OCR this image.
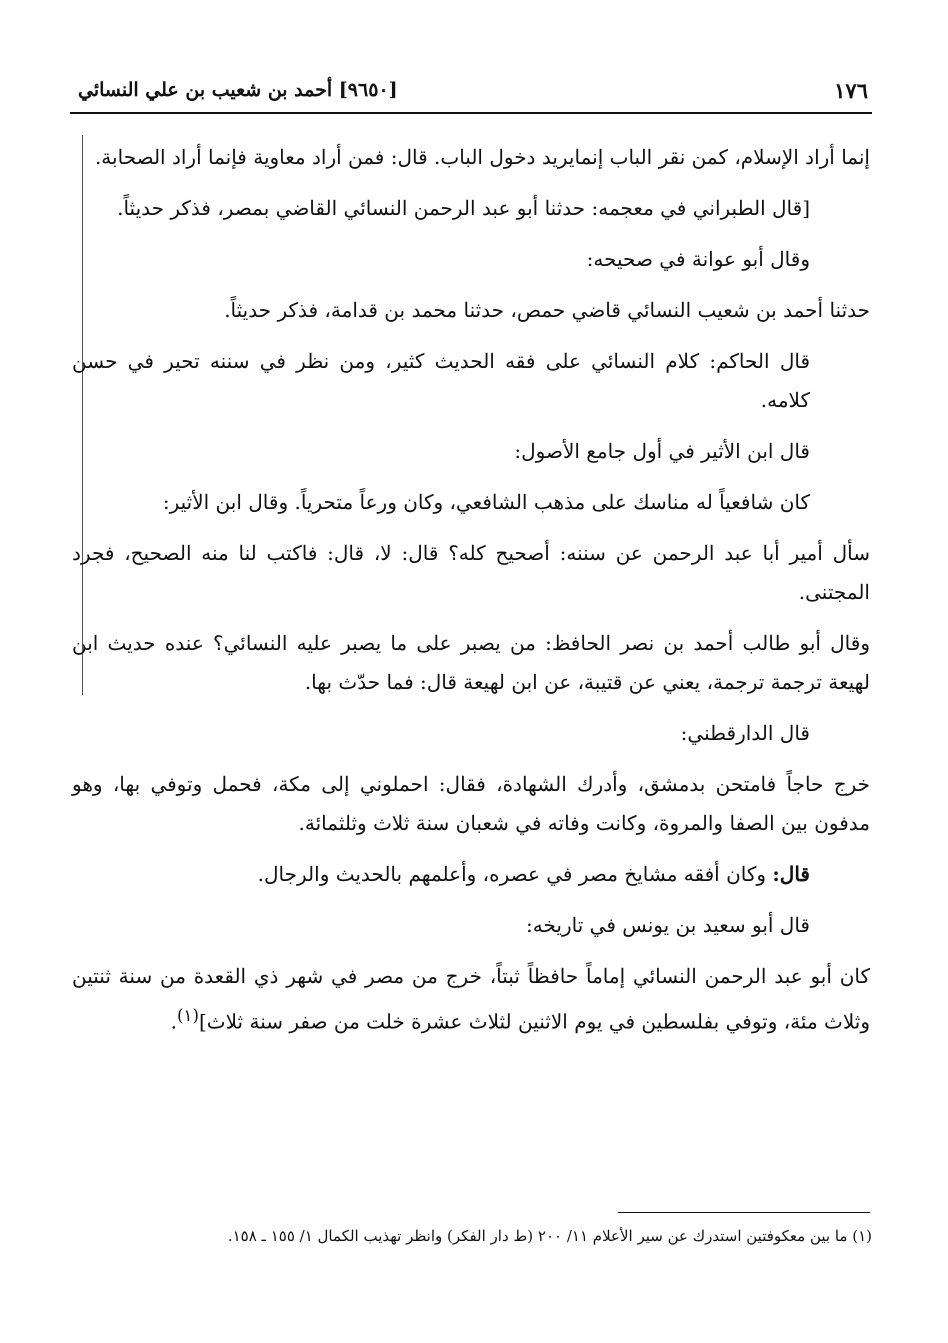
١٧٦
[٩٦٥٠] أحمد بن شعيب بن علي النسائي

إنما أراد الإسلام، كمن نقر الباب إنمايريد دخول الباب. قال: فمن أراد معاوية فإنما أراد الصحابة.

[قال الطبراني في معجمه: حدثنا أبو عبد الرحمن النسائي القاضي بمصر، فذكر حديثاً.

وقال أبو عوانة في صحيحه:

حدثنا أحمد بن شعيب النسائي قاضي حمص، حدثنا محمد بن قدامة، فذكر حديثاً.

قال الحاكم: كلام النسائي على فقه الحديث كثير، ومن نظر في سننه تحير في حسن كلامه.

قال ابن الأثير في أول جامع الأصول:

كان شافعياً له مناسك على مذهب الشافعي، وكان ورعاً متحرياً. وقال ابن الأثير:

سأل أمير أبا عبد الرحمن عن سننه: أصحيح كله؟ قال: لا، قال: فاكتب لنا منه الصحيح، فجرد المجتنى.

وقال أبو طالب أحمد بن نصر الحافظ: من يصبر على ما يصبر عليه النسائي؟ عنده حديث ابن لهيعة ترجمة ترجمة، يعني عن قتيبة، عن ابن لهيعة قال: فما حدّث بها.

قال الدارقطني:

خرج حاجاً فامتحن بدمشق، وأدرك الشهادة، فقال: احملوني إلى مكة، فحمل وتوفي بها، وهو مدفون بين الصفا والمروة، وكانت وفاته في شعبان سنة ثلاث وثلثمائة.

قال: وكان أفقه مشايخ مصر في عصره، وأعلمهم بالحديث والرجال.

قال أبو سعيد بن يونس في تاريخه:

كان أبو عبد الرحمن النسائي إماماً حافظاً ثبتاً، خرج من مصر في شهر ذي القعدة من سنة ثنتين وثلاث مئة، وتوفي بفلسطين في يوم الاثنين لثلاث عشرة خلت من صفر سنة ثلاث]$^{(١)}$.

(١) ما بين معكوفتين استدرك عن سير الأعلام ١١/ ٢٠٠ (ط دار الفكر) وانظر تهذيب الكمال ١/ ١٥٥ ـ ١٥٨.
